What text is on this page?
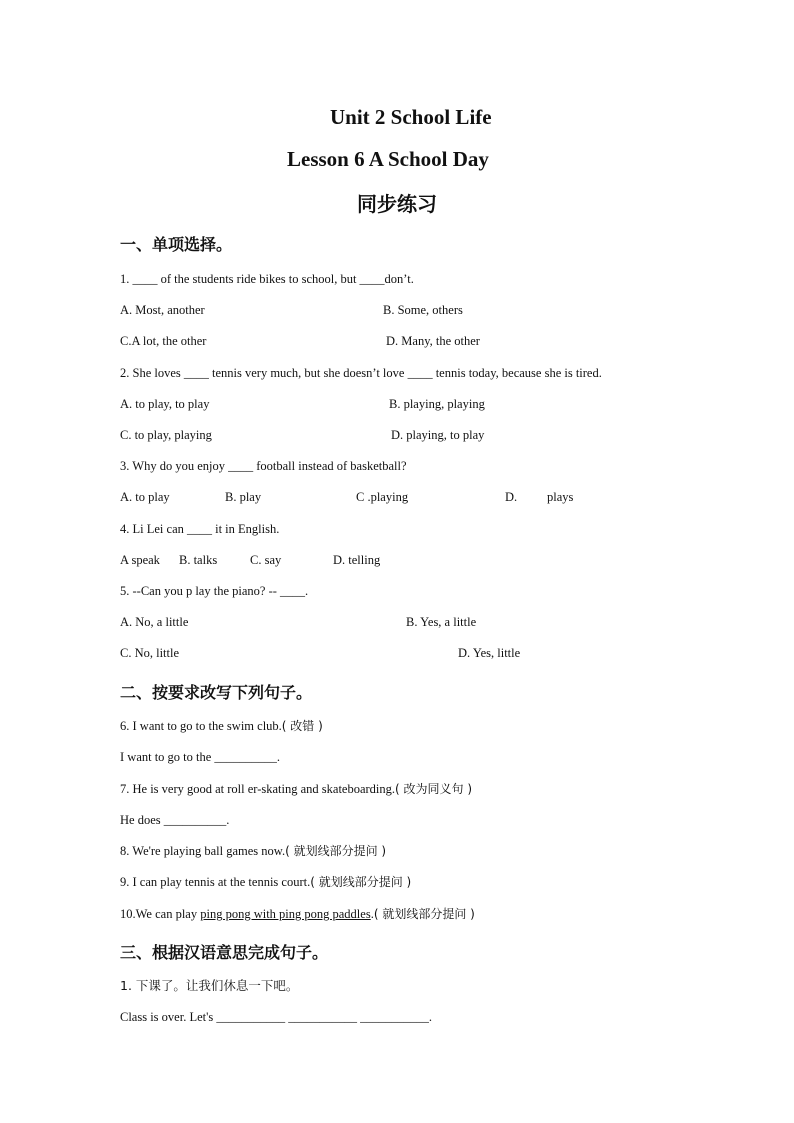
Unit 2 School Life
Lesson 6 A School Day
同步练习
一、单项选择。
1. ____ of the students ride bikes to school, but ____don’t.
A. Most, another	B. Some, others
C.A lot, the other	D. Many, the other
2. She loves ____ tennis very much, but she doesn’t love ____ tennis today, because she is tired.
A. to play, to play	B. playing, playing
C. to play, playing	D. playing, to play
3. Why do you enjoy ____ football instead of basketball?
A. to play	B. play	C .playing	D. plays
4. Li Lei can ____ it in English.
A speak B. talks	C. say	D. telling
5. --Can you p lay the piano? -- ____.
A. No, a little	B. Yes, a little
C. No, little	D. Yes, little
二、按要求改写下列句子。
6. I want to go to the swim club.( 改错 )
I want to go to the __________.
7. He is very good at roll er-skating and skateboarding.( 改为同义句 )
He does __________.
8. We're playing ball games now.( 就划线部分提问 )
9. I can play tennis at the tennis court.( 就划线部分提问 )
10.We can play ping pong with ping pong paddles.( 就划线部分提问 )
三、根据汉语意思完成句子。
1. 下课了。让我们休息一下吧。
Class is over. Let's ___________ ___________ ___________.
